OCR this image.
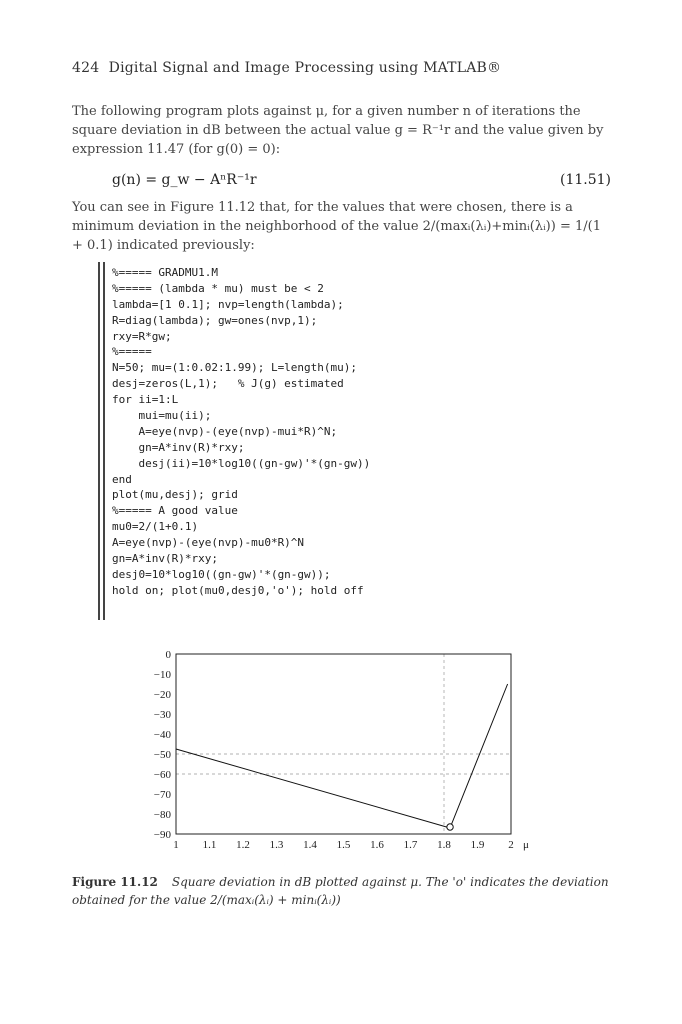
424 Digital Signal and Image Processing using MATLAB®
The following program plots against μ, for a given number n of iterations the square deviation in dB between the actual value g = R⁻¹r and the value given by expression 11.47 (for g(0) = 0):
g(n) = g_w − AⁿR⁻¹r	(11.51)
You can see in Figure 11.12 that, for the values that were chosen, there is a minimum deviation in the neighborhood of the value 2/(maxᵢ(λᵢ)+minᵢ(λᵢ)) = 1/(1 + 0.1) indicated previously:
%===== GRADMU1.M
%===== (lambda * mu) must be < 2
lambda=[1 0.1]; nvp=length(lambda);
R=diag(lambda); gw=ones(nvp,1);
rxy=R*gw;
%=====
N=50; mu=(1:0.02:1.99); L=length(mu);
desj=zeros(L,1);   % J(g) estimated
for ii=1:L
mui=mu(ii);
A=eye(nvp)-(eye(nvp)-mui*R)^N;
gn=A*inv(R)*rxy;
desj(ii)=10*log10((gn-gw)'*(gn-gw))
end
plot(mu,desj); grid
%===== A good value
mu0=2/(1+0.1)
A=eye(nvp)-(eye(nvp)-mu0*R)^N
gn=A*inv(R)*rxy;
desj0=10*log10((gn-gw)'*(gn-gw));
hold on; plot(mu0,desj0,'o'); hold off
0
−10
−20
−30
−40
−50
−60
−70
−80
−90
1 1.1 1.2 1.3 1.4 1.5 1.6 1.7 1.8 1.9 2 μ
Figure 11.12 Square deviation in dB plotted against μ. The 'o' indicates the deviation obtained for the value 2/(maxᵢ(λᵢ) + minᵢ(λᵢ))
